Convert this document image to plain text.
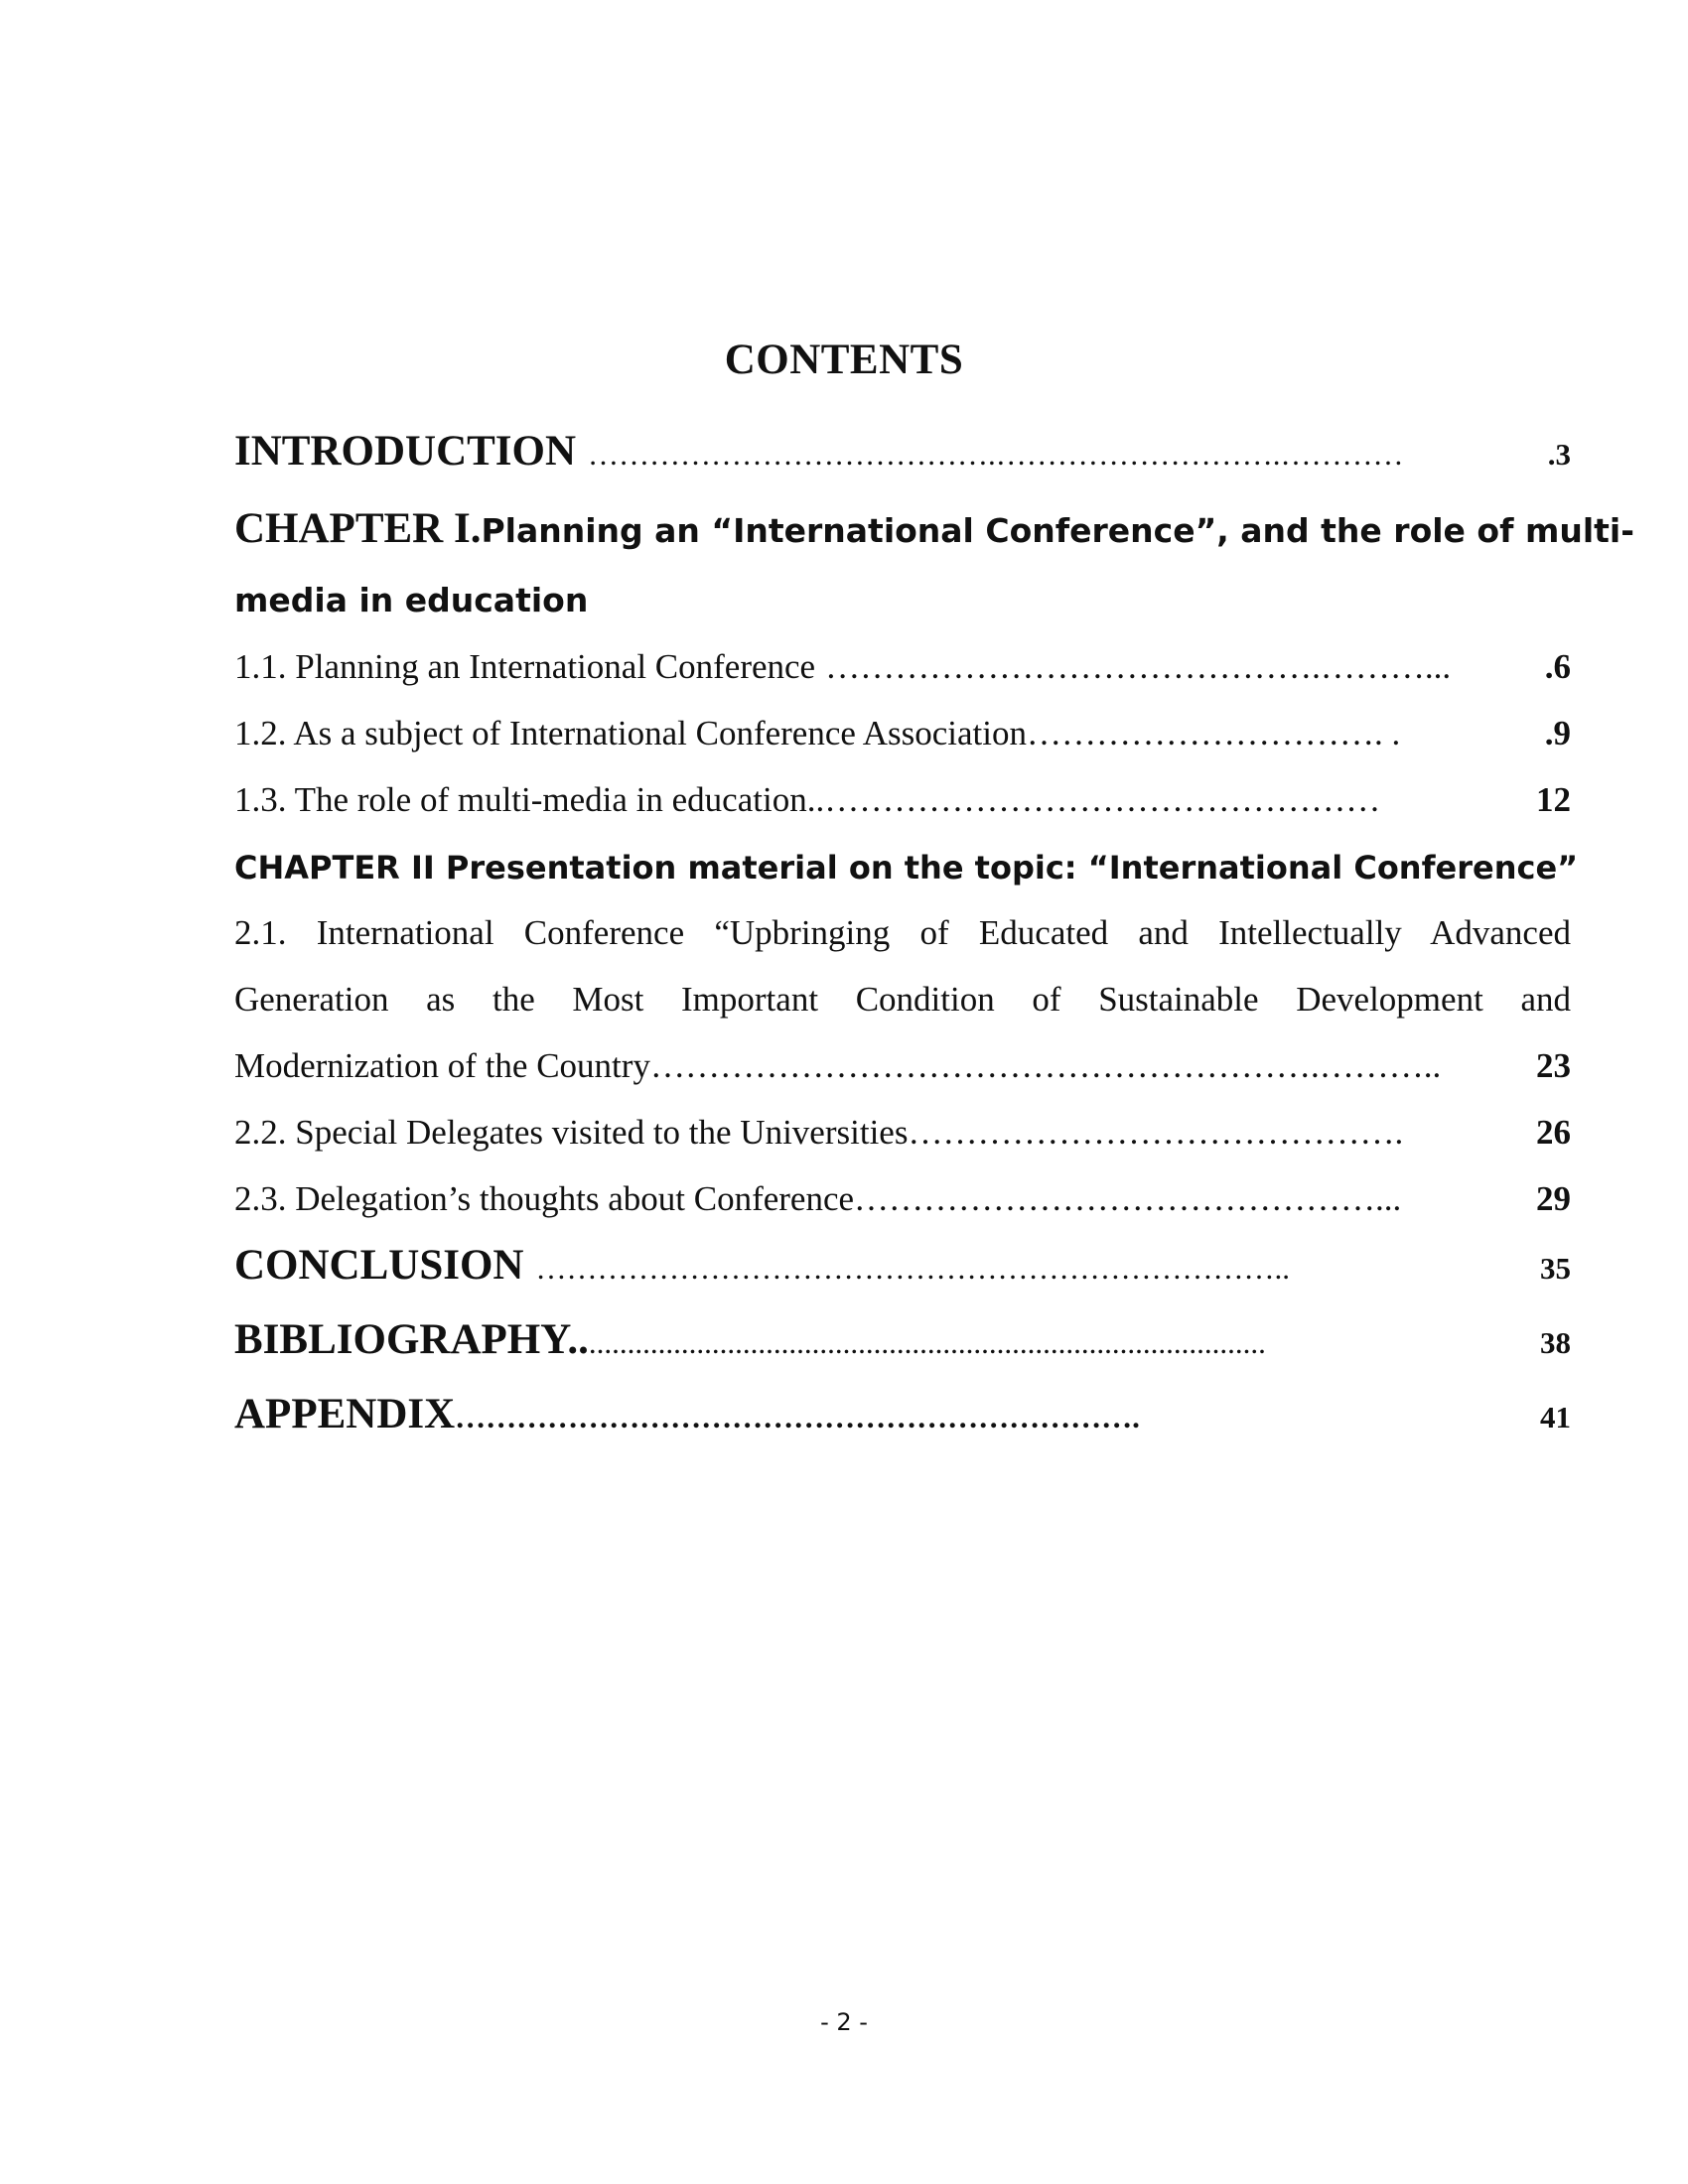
CONTENTS
INTRODUCTION ………………………………….……………………….…………	.3
CHAPTER I. Planning an “International Conference”, and the role of multi-
media in education
1.1. Planning an International Conference …………………………………….………...	.6
1.2. As a subject of International Conference Association …………………………. .	.9
1.3. The role of multi-media in education.. …………………………………………	12
CHAPTER II Presentation material on the topic: “International Conference”
2.1. International Conference “Upbringing of Educated and Intellectually Advanced
Generation as the Most Important Condition of Sustainable Development and
Modernization of the Country ………………………………………………….………..	23
2.2. Special Delegates visited to the Universities …………………………………….	26
2.3. Delegation’s thoughts about Conference ………………………………………...	29
CONCLUSION ………………………………………………………………..	35
BIBLIOGRAPHY.. ........................................................................................	38
APPENDIX ………………………………………………………….	41
- 2 -
